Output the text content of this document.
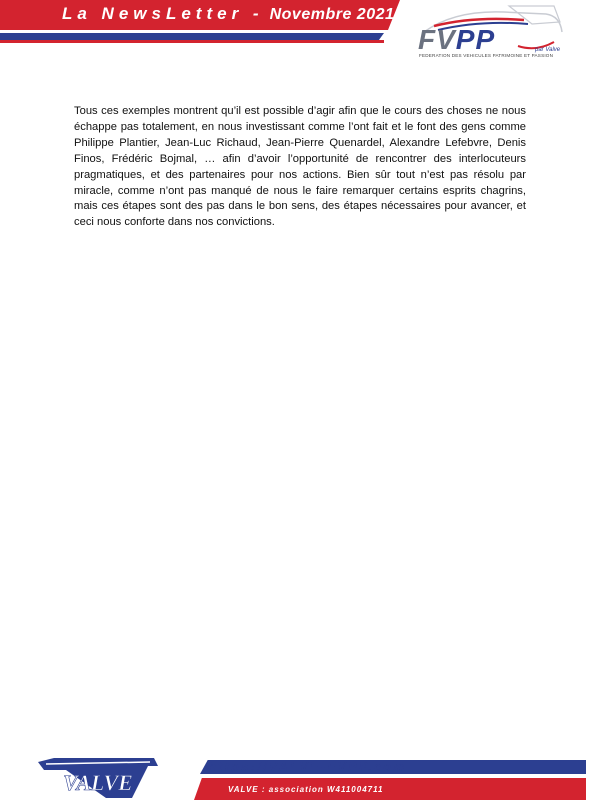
La NewsLetter - Novembre 2021
FVPP	par Valve
FEDERATION DES VEHICULES PATRIMOINE ET PASSION

Tous ces exemples montrent qu’il est possible d’agir afin que le cours des choses ne nous échappe pas totalement, en nous investissant comme l’ont fait et le font des gens comme Philippe Plantier, Jean-Luc Richaud, Jean-Pierre Quenardel, Alexandre Lefebvre, Denis Finos, Frédéric Bojmal, … afin d’avoir l’opportunité de rencontrer des interlocuteurs pragmatiques, et des partenaires pour nos actions. Bien sûr tout n’est pas résolu par miracle, comme n’ont pas manqué de nous le faire remarquer certains esprits chagrins, mais ces étapes sont des pas dans le bon sens, des étapes nécessaires pour avancer, et ceci nous conforte dans nos convictions.

VALVE
https://VALVE-FVPP.com
VALVE : association W411004711
